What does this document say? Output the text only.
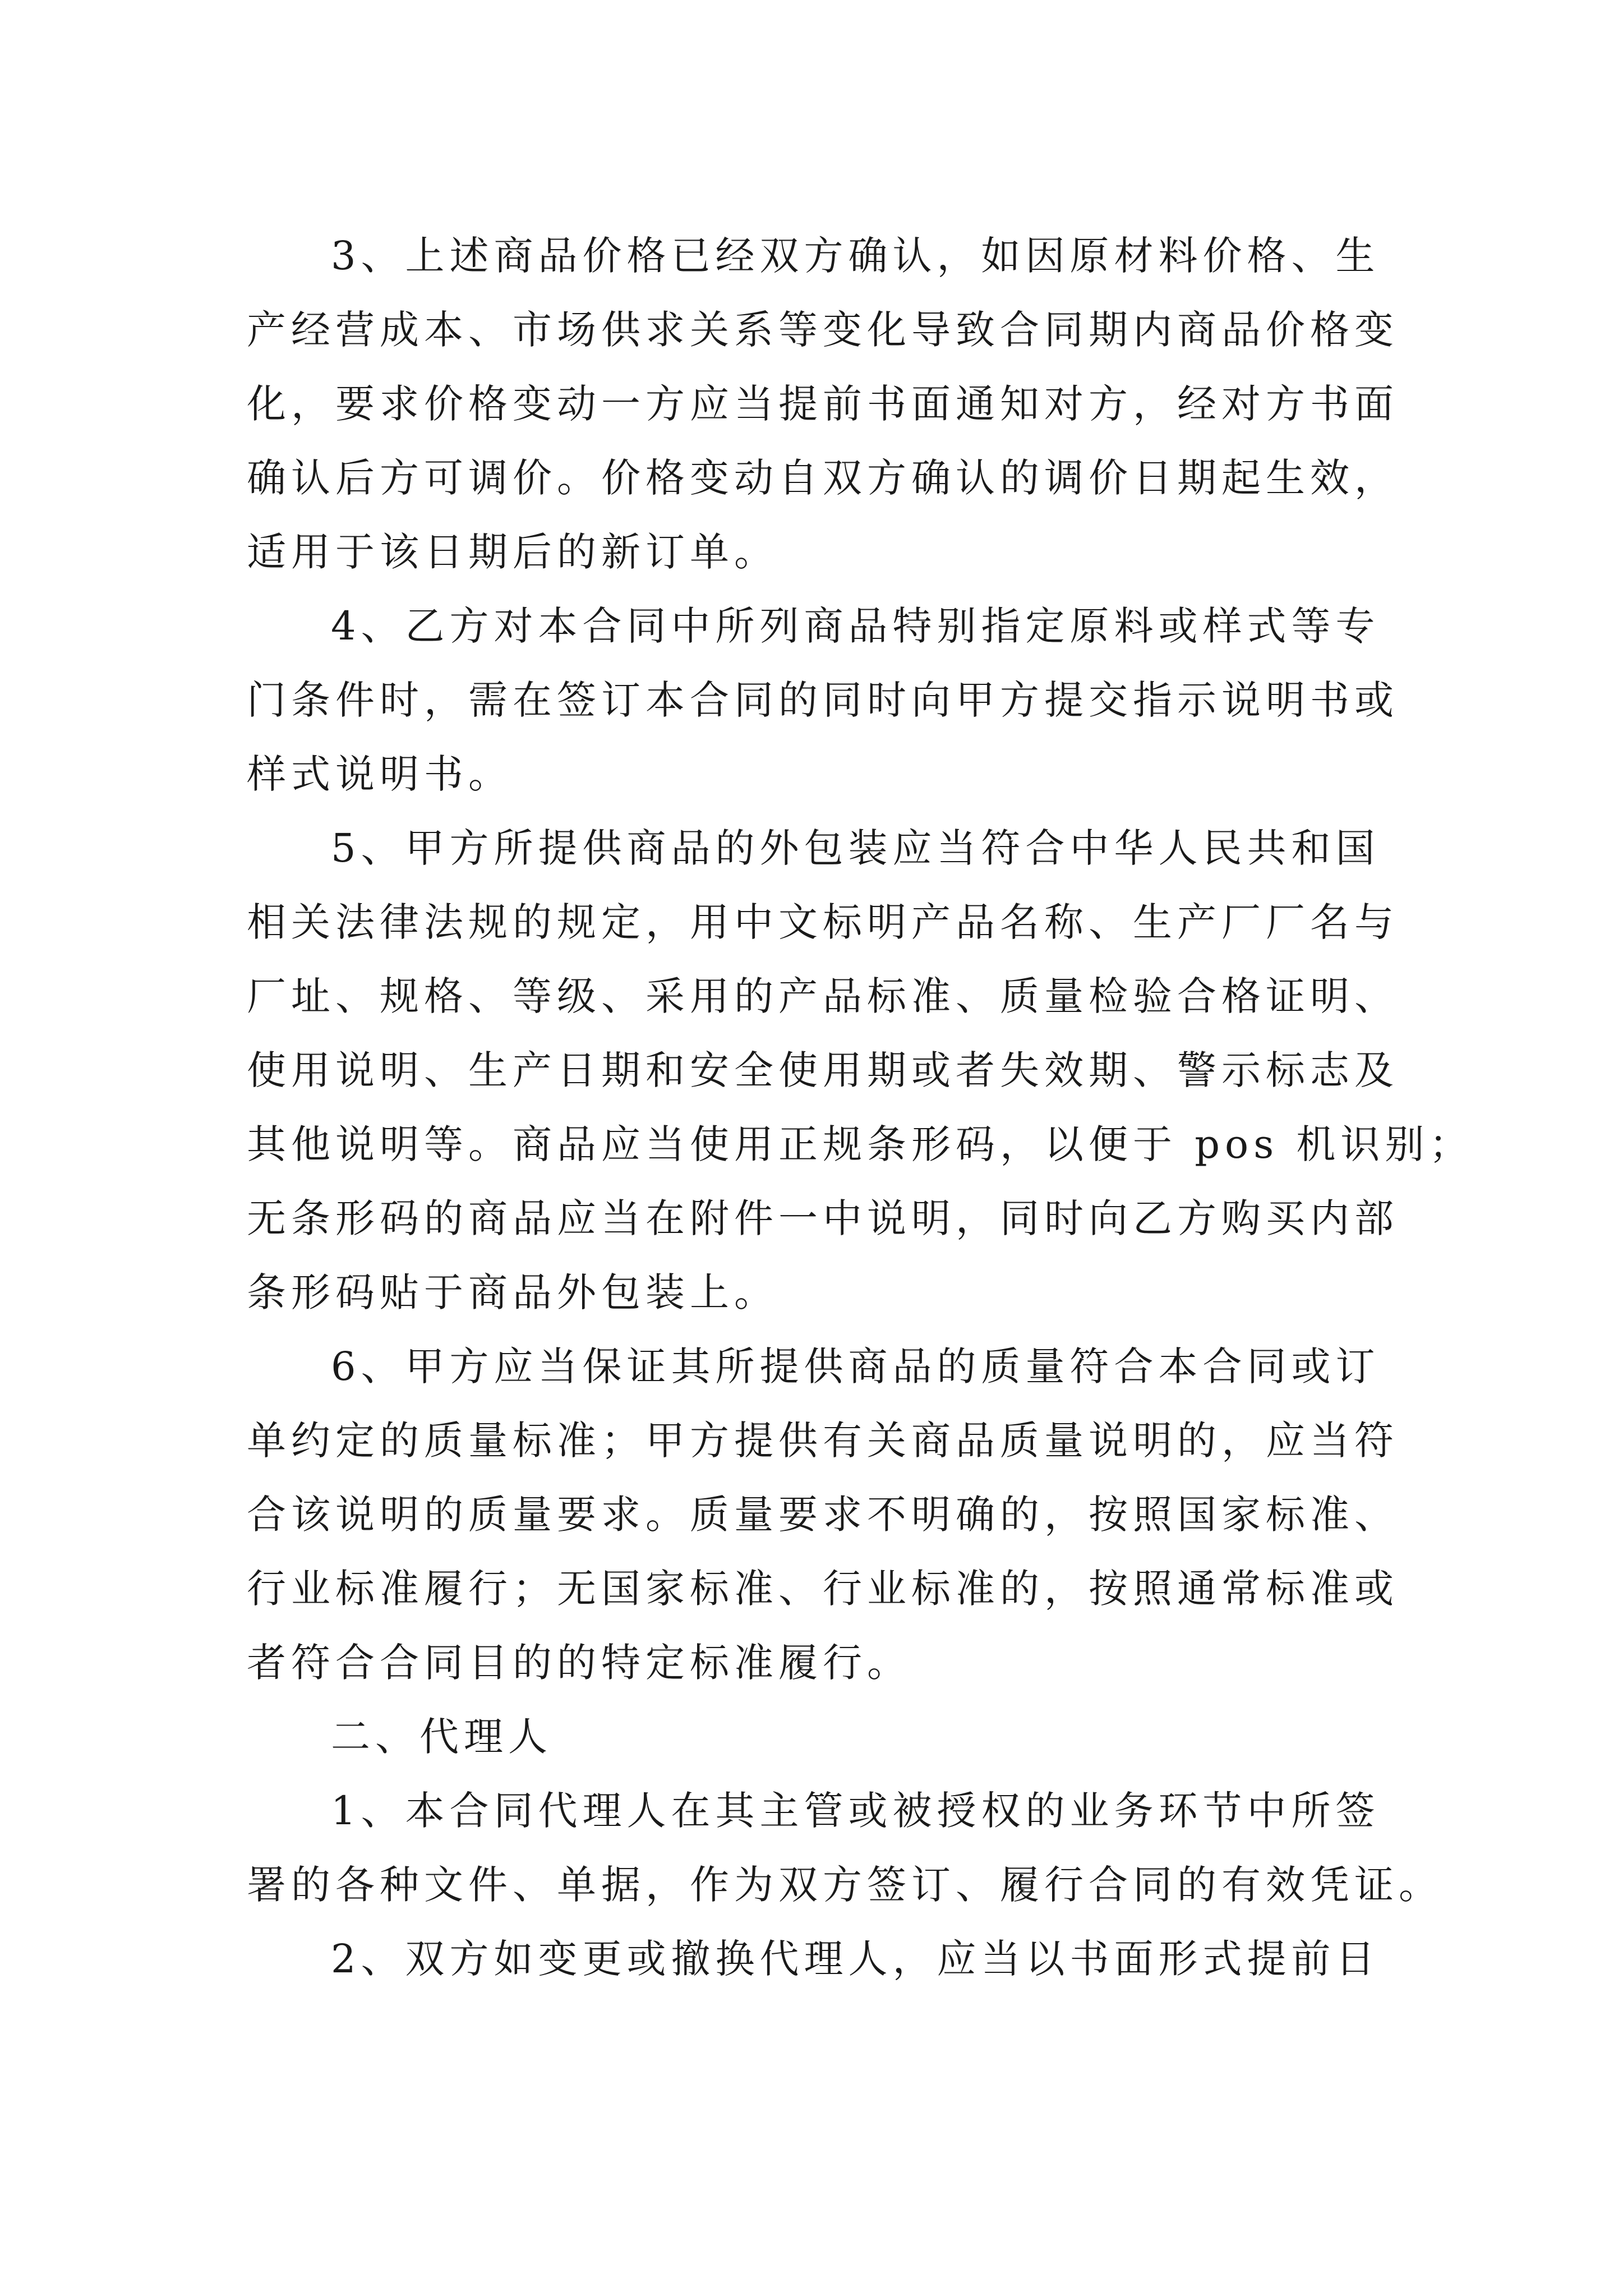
3、上述商品价格已经双方确认，如因原材料价格、生
产经营成本、市场供求关系等变化导致合同期内商品价格变
化，要求价格变动一方应当提前书面通知对方，经对方书面
确认后方可调价。价格变动自双方确认的调价日期起生效，
适用于该日期后的新订单。
4、乙方对本合同中所列商品特别指定原料或样式等专
门条件时，需在签订本合同的同时向甲方提交指示说明书或
样式说明书。
5、甲方所提供商品的外包装应当符合中华人民共和国
相关法律法规的规定，用中文标明产品名称、生产厂厂名与
厂址、规格、等级、采用的产品标准、质量检验合格证明、
使用说明、生产日期和安全使用期或者失效期、警示标志及
其他说明等。商品应当使用正规条形码，以便于 pos 机识别；
无条形码的商品应当在附件一中说明，同时向乙方购买内部
条形码贴于商品外包装上。
6、甲方应当保证其所提供商品的质量符合本合同或订
单约定的质量标准；甲方提供有关商品质量说明的，应当符
合该说明的质量要求。质量要求不明确的，按照国家标准、
行业标准履行；无国家标准、行业标准的，按照通常标准或
者符合合同目的的特定标准履行。
二、代理人
1、本合同代理人在其主管或被授权的业务环节中所签
署的各种文件、单据，作为双方签订、履行合同的有效凭证。
2、双方如变更或撤换代理人，应当以书面形式提前日
